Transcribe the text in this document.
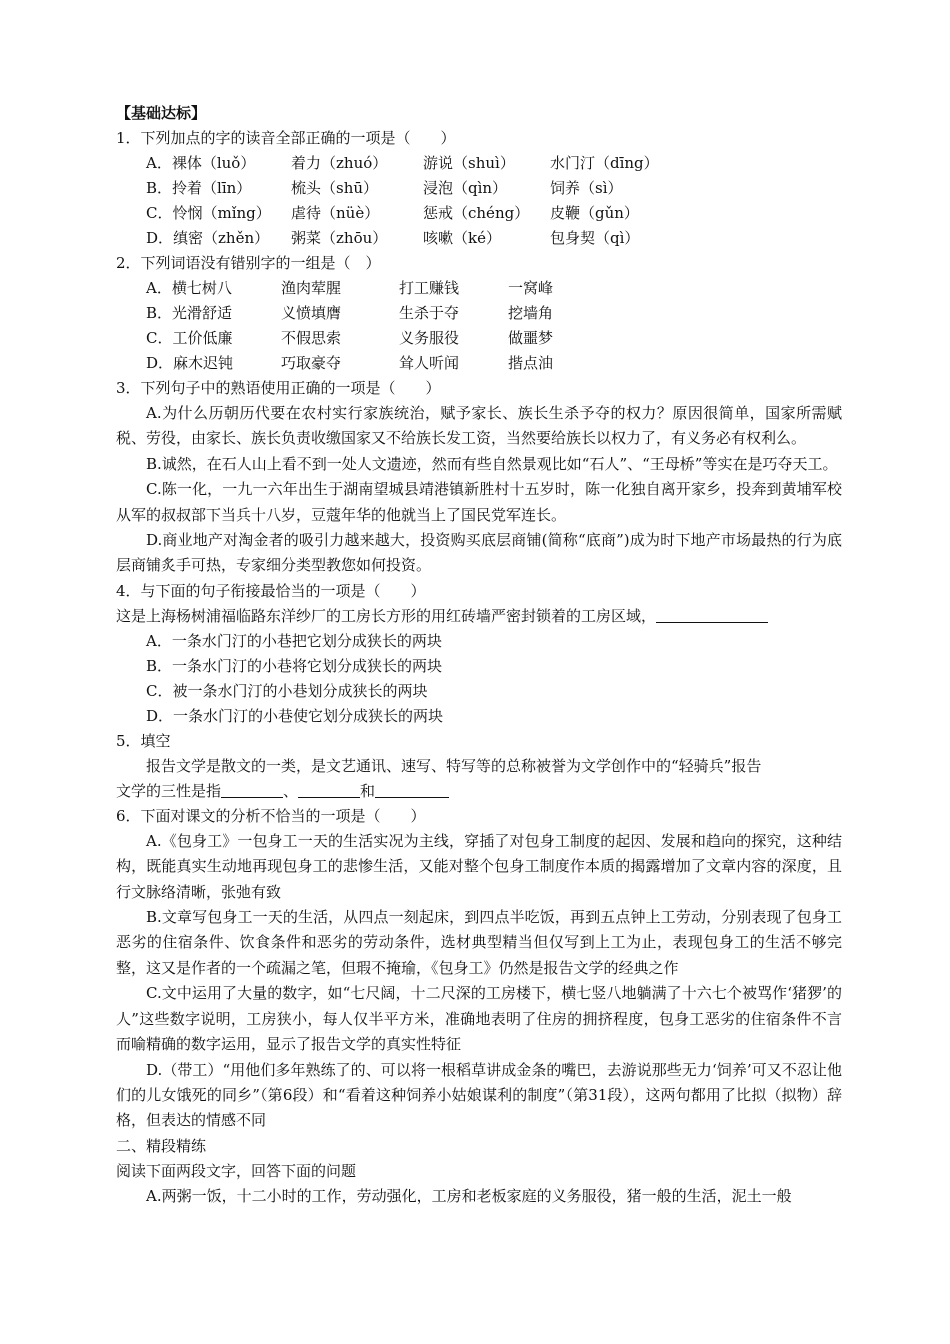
【基础达标】
1．下列加点的字的读音全部正确的一项是（　　）
A．裸体（luǒ） 着力（zhuó） 游说（shuì） 水门汀（dīng）
B．拎着（līn）	梳头（shū）	浸泡（qìn）	饲养（sì）
C．怜悯（mǐng） 虐待（nüè）	惩戒（chéng） 皮鞭（gǔn）
D．缜密（zhěn） 粥菜（zhōu） 咳嗽（ké）	包身契（qì）
2．下列词语没有错别字的一组是（　）
A．横七树八	渔肉荤腥	打工赚钱	一窝峰
B．光滑舒适	义愤填膺	生杀于夺	挖墙角
C．工价低廉	不假思索	义务服役	做噩梦
D．麻木迟钝	巧取豪夺	耸人听闻	揩点油
3．下列句子中的熟语使用正确的一项是（　　）

A.为什么历朝历代要在农村实行家族统治，赋予家长、族长生杀予夺的权力？原因很简单，国家所需赋税、劳役，由家长、族长负责收缴国家又不给族长发工资，当然要给族长以权力了，有义务必有权利么。

B.诚然，在石人山上看不到一处人文遗迹，然而有些自然景观比如“石人”、“王母桥”等实在是巧夺天工。

C.陈一化，一九一六年出生于湖南望城县靖港镇新胜村十五岁时，陈一化独自离开家乡，投奔到黄埔军校从军的叔叔部下当兵十八岁，豆蔻年华的他就当上了国民党军连长。

D.商业地产对淘金者的吸引力越来越大，投资购买底层商铺(简称“底商”)成为时下地产市场最热的行为底层商铺炙手可热，专家细分类型教您如何投资。

4．与下面的句子衔接最恰当的一项是（　　）
这是上海杨树浦福临路东洋纱厂的工房长方形的用红砖墙严密封锁着的工房区域，
A．一条水门汀的小巷把它划分成狭长的两块
B．一条水门汀的小巷将它划分成狭长的两块
C．被一条水门汀的小巷划分成狭长的两块
D．一条水门汀的小巷使它划分成狭长的两块
5．填空
报告文学是散文的一类，是文艺通讯、速写、特写等的总称被誉为文学创作中的“轻骑兵”报告
文学的三性是指	、	和
6．下面对课文的分析不恰当的一项是（　　）

A.《包身工》一包身工一天的生活实况为主线，穿插了对包身工制度的起因、发展和趋向的探究，这种结构，既能真实生动地再现包身工的悲惨生活，又能对整个包身工制度作本质的揭露增加了文章内容的深度，且行文脉络清晰，张弛有致

B.文章写包身工一天的生活，从四点一刻起床，到四点半吃饭，再到五点钟上工劳动，分别表现了包身工恶劣的住宿条件、饮食条件和恶劣的劳动条件，选材典型精当但仅写到上工为止，表现包身工的生活不够完整，这又是作者的一个疏漏之笔，但瑕不掩瑜，《包身工》仍然是报告文学的经典之作

C.文中运用了大量的数字，如“七尺阔，十二尺深的工房楼下，横七竖八地躺满了十六七个被骂作‘猪猡’的人”这些数字说明，工房狭小，每人仅半平方米，准确地表明了住房的拥挤程度，包身工恶劣的住宿条件不言而喻精确的数字运用，显示了报告文学的真实性特征

D.（带工）“用他们多年熟练了的、可以将一根稻草讲成金条的嘴巴，去游说那些无力‘饲养’可又不忍让他们的儿女饿死的同乡”（第6段）和“看着这种饲养小姑娘谋利的制度”（第31段），这两句都用了比拟（拟物）辞格，但表达的情感不同

二、精段精练
阅读下面两段文字，回答下面的问题
A.两粥一饭，十二小时的工作，劳动强化，工房和老板家庭的义务服役，猪一般的生活，泥土一般
